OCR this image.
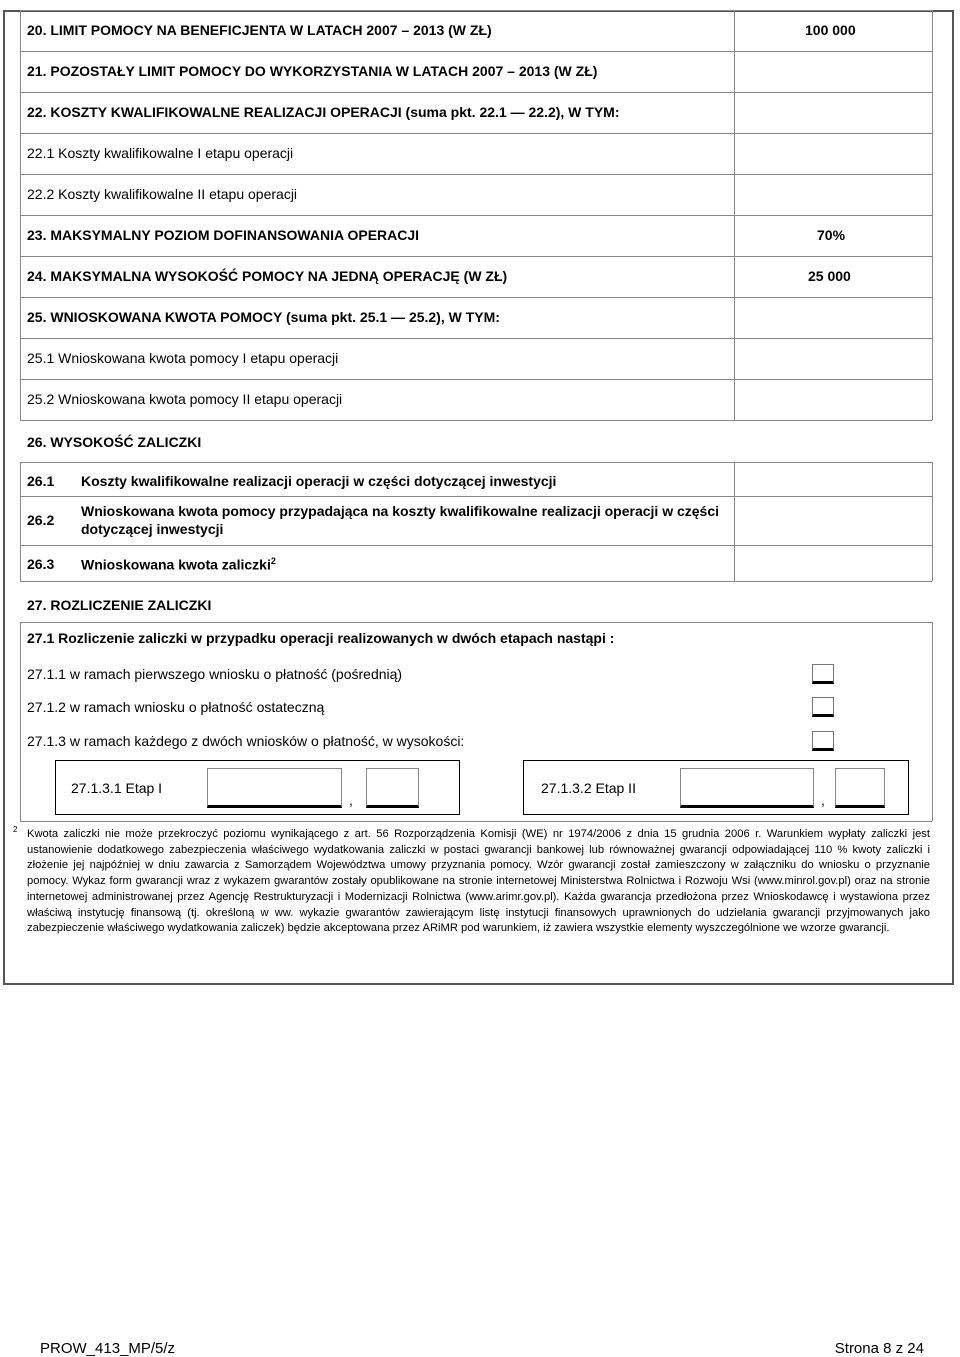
20. LIMIT POMOCY NA BENEFICJENTA W LATACH 2007 – 2013 (W ZŁ)	100 000
21. POZOSTAŁY LIMIT POMOCY DO WYKORZYSTANIA W LATACH 2007 – 2013 (W ZŁ)
22. KOSZTY KWALIFIKOWALNE REALIZACJI OPERACJI (suma pkt. 22.1 — 22.2), W TYM:
22.1 Koszty kwalifikowalne I etapu operacji
22.2 Koszty kwalifikowalne II etapu operacji
23. MAKSYMALNY POZIOM DOFINANSOWANIA OPERACJI	70%
24. MAKSYMALNA WYSOKOŚĆ POMOCY NA JEDNĄ OPERACJĘ (W ZŁ)	25 000
25. WNIOSKOWANA KWOTA POMOCY (suma pkt. 25.1 — 25.2), W TYM:
25.1 Wnioskowana kwota pomocy I etapu operacji
25.2 Wnioskowana kwota pomocy II etapu operacji
26. WYSOKOŚĆ ZALICZKI
26.1 Koszty kwalifikowalne realizacji operacji w części dotyczącej inwestycji
26.2
Wnioskowana kwota pomocy przypadająca na koszty kwalifikowalne realizacji operacji w części dotyczącej inwestycji
26.3 Wnioskowana kwota zaliczki$^2$
27. ROZLICZENIE ZALICZKI
27.1 Rozliczenie zaliczki w przypadku operacji realizowanych w dwóch etapach nastąpi :
27.1.1 w ramach pierwszego wniosku o płatność (pośrednią)
27.1.2 w ramach wniosku o płatność ostateczną
27.1.3 w ramach każdego z dwóch wniosków o płatność, w wysokości:
27.1.3.1 Etap I
,
27.1.3.2 Etap II
,
2 Kwota zaliczki nie może przekroczyć poziomu wynikającego z art. 56 Rozporządzenia Komisji (WE) nr 1974/2006 z dnia 15 grudnia 2006 r. Warunkiem wypłaty zaliczki jest ustanowienie dodatkowego zabezpieczenia właściwego wydatkowania zaliczki w postaci gwarancji bankowej lub równoważnej gwarancji odpowiadającej 110 % kwoty zaliczki i złożenie jej najpóźniej w dniu zawarcia z Samorządem Województwa umowy przyznania pomocy. Wzór gwarancji został zamieszczony w załączniku do wniosku o przyznanie pomocy. Wykaz form gwarancji wraz z wykazem gwarantów zostały opublikowane na stronie internetowej Ministerstwa Rolnictwa i Rozwoju Wsi (www.minrol.gov.pl) oraz na stronie internetowej administrowanej przez Agencję Restrukturyzacji i Modernizacji Rolnictwa (www.arimr.gov.pl). Każda gwarancja przedłożona przez Wnioskodawcę i wystawiona przez właściwą instytucję finansową (tj. określoną w ww. wykazie gwarantów zawierającym listę instytucji finansowych uprawnionych do udzielania gwarancji przyjmowanych jako zabezpieczenie właściwego wydatkowania zaliczek) będzie akceptowana przez ARiMR pod warunkiem, iż zawiera wszystkie elementy wyszczególnione we wzorze gwarancji.
PROW_413_MP/5/z	Strona 8 z 24
